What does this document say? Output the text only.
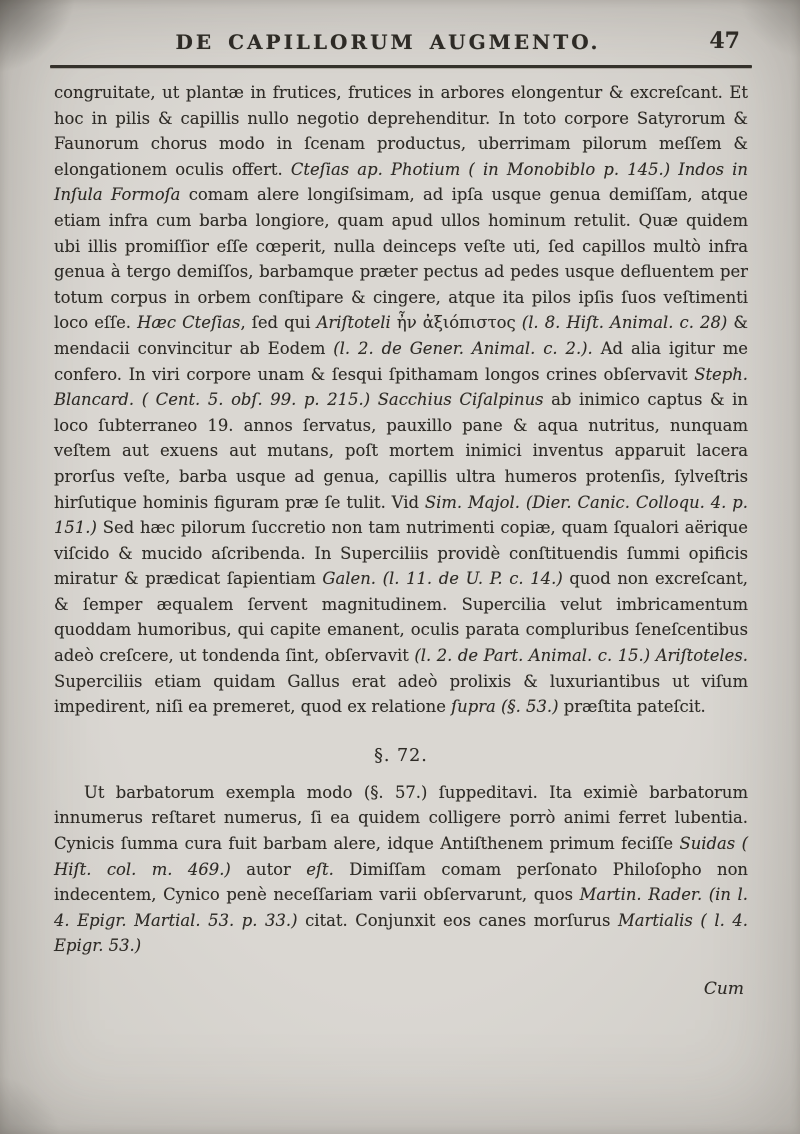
DE CAPILLORUM AUGMENTO.	47

congruitate, ut plantæ in frutices, frutices in arbores elongentur & excreſcant. Et hoc in pilis & capillis nullo negotio deprehenditur. In toto corpore Satyrorum & Faunorum chorus modo in ſcenam productus, uberrimam pilorum meſſem & elongationem oculis offert. Cteſias ap. Photium ( in Monobiblo p. 145.) Indos in Inſula Formoſa comam alere longiſsimam, ad ipſa usque genua demiſſam, atque etiam infra cum barba longiore, quam apud ullos hominum retulit. Quæ quidem ubi illis promiſſior eſſe cœperit, nulla deinceps veſte uti, ſed capillos multò infra genua à tergo demiſſos, barbamque præter pectus ad pedes usque defluentem per totum corpus in orbem conſtipare & cingere, atque ita pilos ipſis ſuos veſtimenti loco eſſe. Hæc Cteſias, ſed qui Ariſtoteli ἦν ἀξιόπιστος (l. 8. Hiſt. Animal. c. 28) & mendacii convincitur ab Eodem (l. 2. de Gener. Animal. c. 2.). Ad alia igitur me confero. In viri corpore unam & ſesqui ſpithamam longos crines obſervavit Steph. Blancard. ( Cent. 5. obſ. 99. p. 215.) Sacchius Ciſalpinus ab inimico captus & in loco ſubterraneo 19. annos ſervatus, pauxillo pane & aqua nutritus, nunquam veſtem aut exuens aut mutans, poſt mortem inimici inventus apparuit lacera prorſus veſte, barba usque ad genua, capillis ultra humeros protenſis, ſylveſtris hirſutique hominis figuram præ ſe tulit. Vid Sim. Majol. (Dier. Canic. Colloqu. 4. p. 151.) Sed hæc pilorum ſuccretio non tam nutrimenti copiæ, quam ſqualori aërique viſcido & mucido aſcribenda. In Superciliis providè conſtituendis ſummi opificis miratur & prædicat ſapientiam Galen. (l. 11. de U. P. c. 14.) quod non excreſcant, & ſemper æqualem ſervent magnitudinem. Supercilia velut imbricamentum quoddam humoribus, qui capite emanent, oculis parata compluribus ſeneſcentibus adeò creſcere, ut tondenda ſint, obſervavit (l. 2. de Part. Animal. c. 15.) Ariſtoteles. Superciliis etiam quidam Gallus erat adeò prolixis & luxuriantibus ut viſum impedirent, niſi ea premeret, quod ex relatione ſupra (§. 53.) præſtita pateſcit.

§. 72.

Ut barbatorum exempla modo (§. 57.) ſuppeditavi. Ita eximiè barbatorum innumerus reſtaret numerus, ſi ea quidem colligere porrò animi ferret lubentia. Cynicis ſumma cura fuit barbam alere, idque Antiſthenem primum feciſſe Suidas ( Hiſt. col. m. 469.) autor eſt. Dimiſſam comam perſonato Philoſopho non indecentem, Cynico penè neceſſariam varii obſervarunt, quos Martin. Rader. (in l. 4. Epigr. Martial. 53. p. 33.) citat. Conjunxit eos canes morſurus Martialis ( l. 4. Epigr. 53.)

Cum
